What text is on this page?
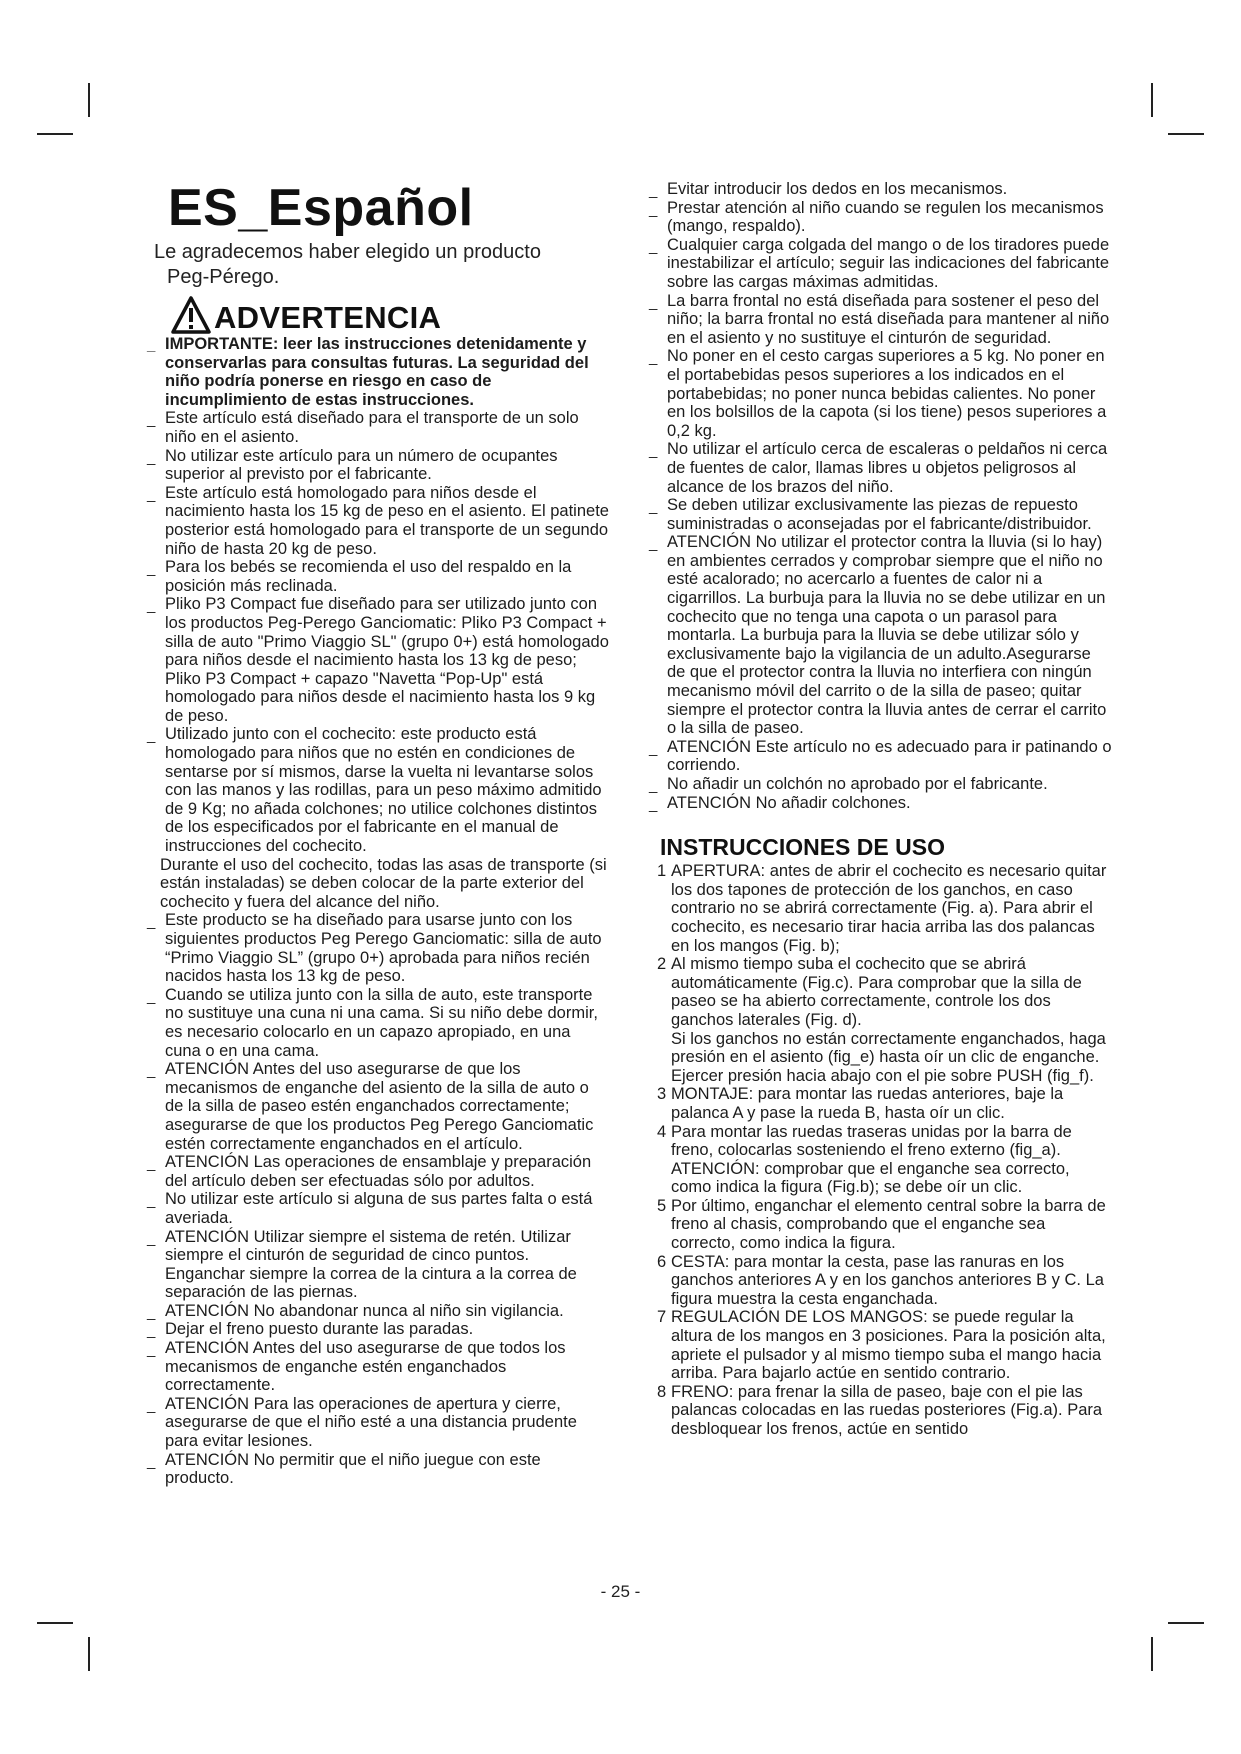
ES_Español
Le agradecemos haber elegido un producto
Peg-Pérego.
ADVERTENCIA
_ IMPORTANTE: leer las instrucciones detenidamente y conservarlas para consultas futuras. La seguridad del niño podría ponerse en riesgo en caso de incumplimiento de estas instrucciones.
_ Este artículo está diseñado para el transporte de un solo niño en el asiento.
_ No utilizar este artículo para un número de ocupantes superior al previsto por el fabricante.
_ Este artículo está homologado para niños desde el nacimiento hasta los 15 kg de peso en el asiento. El patinete posterior está homologado para el transporte de un segundo niño de hasta 20 kg de peso.
_ Para los bebés se recomienda el uso del respaldo en la posición más reclinada.
_ Pliko P3 Compact fue diseñado para ser utilizado junto con los productos Peg-Perego Ganciomatic: Pliko P3 Compact + silla de auto "Primo Viaggio SL" (grupo 0+) está homologado para niños desde el nacimiento hasta los 13 kg de peso; Pliko P3 Compact + capazo "Navetta “Pop-Up" está homologado para niños desde el nacimiento hasta los 9 kg de peso.
_ Utilizado junto con el cochecito: este producto está homologado para niños que no estén en condiciones de sentarse por sí mismos, darse la vuelta ni levantarse solos con las manos y las rodillas, para un peso máximo admitido de 9 Kg; no añada colchones; no utilice colchones distintos de los especificados por el fabricante en el manual de instrucciones del cochecito.
Durante el uso del cochecito, todas las asas de transporte (si están instaladas) se deben colocar de la parte exterior del cochecito y fuera del alcance del niño.
_ Este producto se ha diseñado para usarse junto con los siguientes productos Peg Perego Ganciomatic: silla de auto “Primo Viaggio SL” (grupo 0+) aprobada para niños recién nacidos hasta los 13 kg de peso.
_ Cuando se utiliza junto con la silla de auto, este transporte no sustituye una cuna ni una cama. Si su niño debe dormir, es necesario colocarlo en un capazo apropiado, en una cuna o en una cama.
_ ATENCIÓN Antes del uso asegurarse de que los mecanismos de enganche del asiento de la silla de auto o de la silla de paseo estén enganchados correctamente; asegurarse de que los productos Peg Perego Ganciomatic estén correctamente enganchados en el artículo.
_ ATENCIÓN Las operaciones de ensamblaje y preparación del artículo deben ser efectuadas sólo por adultos.
_ No utilizar este artículo si alguna de sus partes falta o está averiada.
_ ATENCIÓN Utilizar siempre el sistema de retén. Utilizar siempre el cinturón de seguridad de cinco puntos. Enganchar siempre la correa de la cintura a la correa de separación de las piernas.
_ ATENCIÓN No abandonar nunca al niño sin vigilancia.
_ Dejar el freno puesto durante las paradas.
_ ATENCIÓN Antes del uso asegurarse de que todos los mecanismos de enganche estén enganchados correctamente.
_ ATENCIÓN Para las operaciones de apertura y cierre, asegurarse de que el niño esté a una distancia prudente para evitar lesiones.
_ ATENCIÓN No permitir que el niño juegue con este producto.
_ Evitar introducir los dedos en los mecanismos.
_ Prestar atención al niño cuando se regulen los mecanismos (mango, respaldo).
_ Cualquier carga colgada del mango o de los tiradores puede inestabilizar el artículo; seguir las indicaciones del fabricante sobre las cargas máximas admitidas.
_ La barra frontal no está diseñada para sostener el peso del niño; la barra frontal no está diseñada para mantener al niño en el asiento y no sustituye el cinturón de seguridad.
_ No poner en el cesto cargas superiores a 5 kg. No poner en el portabebidas pesos superiores a los indicados en el portabebidas; no poner nunca bebidas calientes. No poner en los bolsillos de la capota (si los tiene) pesos superiores a 0,2 kg.
_ No utilizar el artículo cerca de escaleras o peldaños ni cerca de fuentes de calor, llamas libres u objetos peligrosos al alcance de los brazos del niño.
_ Se deben utilizar exclusivamente las piezas de repuesto suministradas o aconsejadas por el fabricante/distribuidor.
_ ATENCIÓN No utilizar el protector contra la lluvia (si lo hay) en ambientes cerrados y comprobar siempre que el niño no esté acalorado; no acercarlo a fuentes de calor ni a cigarrillos. La burbuja para la lluvia no se debe utilizar en un cochecito que no tenga una capota o un parasol para montarla. La burbuja para la lluvia se debe utilizar sólo y exclusivamente bajo la vigilancia de un adulto.Asegurarse de que el protector contra la lluvia no interfiera con ningún mecanismo móvil del carrito o de la silla de paseo; quitar siempre el protector contra la lluvia antes de cerrar el carrito o la silla de paseo.
_ ATENCIÓN Este artículo no es adecuado para ir patinando o corriendo.
_ No añadir un colchón no aprobado por el fabricante.
_ ATENCIÓN No añadir colchones.
INSTRUCCIONES DE USO
1 APERTURA: antes de abrir el cochecito es necesario quitar los dos tapones de protección de los ganchos, en caso contrario no se abrirá correctamente (Fig. a). Para abrir el cochecito, es necesario tirar hacia arriba las dos palancas en los mangos (Fig. b);
2 Al mismo tiempo suba el cochecito que se abrirá automáticamente (Fig.c). Para comprobar que la silla de paseo se ha abierto correctamente, controle los dos ganchos laterales (Fig. d).
Si los ganchos no están correctamente enganchados, haga presión en el asiento (fig_e) hasta oír un clic de enganche.
Ejercer presión hacia abajo con el pie sobre PUSH (fig_f).
3 MONTAJE: para montar las ruedas anteriores, baje la palanca A y pase la rueda B, hasta oír un clic.
4 Para montar las ruedas traseras unidas por la barra de freno, colocarlas sosteniendo el freno externo (fig_a). ATENCIÓN: comprobar que el enganche sea correcto, como indica la figura (Fig.b); se debe oír un clic.
5 Por último, enganchar el elemento central sobre la barra de freno al chasis, comprobando que el enganche sea correcto, como indica la figura.
6 CESTA: para montar la cesta, pase las ranuras en los ganchos anteriores A y en los ganchos anteriores B y C. La figura muestra la cesta enganchada.
7 REGULACIÓN DE LOS MANGOS: se puede regular la altura de los mangos en 3 posiciones. Para la posición alta, apriete el pulsador y al mismo tiempo suba el mango hacia arriba. Para bajarlo actúe en sentido contrario.
8 FRENO: para frenar la silla de paseo, baje con el pie las palancas colocadas en las ruedas posteriores (Fig.a). Para desbloquear los frenos, actúe en sentido
- 25 -
